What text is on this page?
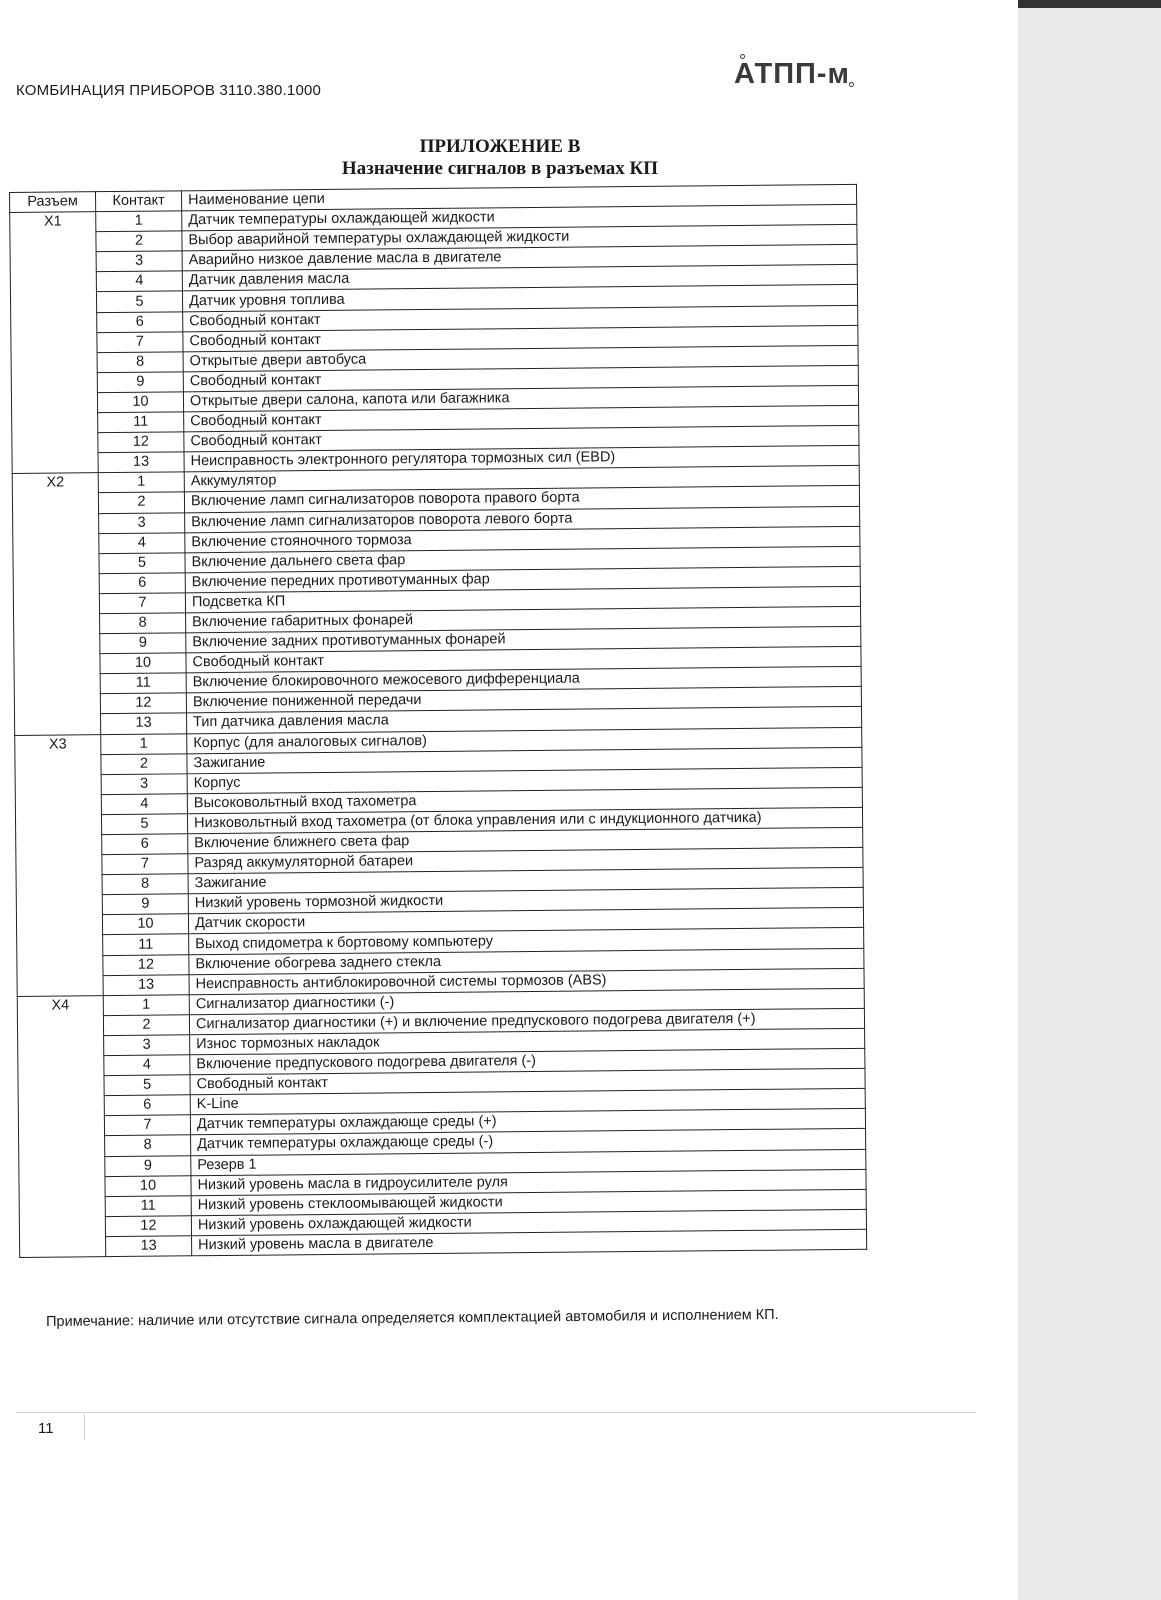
КОМБИНАЦИЯ ПРИБОРОВ 3110.380.1000
АТПП-м
ПРИЛОЖЕНИЕ В
Назначение сигналов в разъемах КП
Разъем	Контакт	Наименование цепи
X1	1	Датчик температуры охлаждающей жидкости
	2	Выбор аварийной температуры охлаждающей жидкости
	3	Аварийно низкое давление масла в двигателе
	4	Датчик давления масла
	5	Датчик уровня топлива
	6	Свободный контакт
	7	Свободный контакт
	8	Открытые двери автобуса
	9	Свободный контакт
	10	Открытые двери салона, капота или багажника
	11	Свободный контакт
	12	Свободный контакт
	13	Неисправность электронного регулятора тормозных сил (EBD)
X2	1	Аккумулятор
	2	Включение ламп сигнализаторов поворота правого борта
	3	Включение ламп сигнализаторов поворота левого борта
	4	Включение стояночного тормоза
	5	Включение дальнего света фар
	6	Включение передних противотуманных фар
	7	Подсветка КП
	8	Включение габаритных фонарей
	9	Включение задних противотуманных фонарей
	10	Свободный контакт
	11	Включение блокировочного межосевого дифференциала
	12	Включение пониженной передачи
	13	Тип датчика давления масла
X3	1	Корпус (для аналоговых сигналов)
	2	Зажигание
	3	Корпус
	4	Высоковольтный вход тахометра
	5	Низковольтный вход тахометра (от блока управления или с индукционного датчика)
	6	Включение ближнего света фар
	7	Разряд аккумуляторной батареи
	8	Зажигание
	9	Низкий уровень тормозной жидкости
	10	Датчик скорости
	11	Выход спидометра к бортовому компьютеру
	12	Включение обогрева заднего стекла
	13	Неисправность антиблокировочной системы тормозов (ABS)
X4	1	Сигнализатор диагностики (-)
	2	Сигнализатор диагностики (+) и включение предпускового подогрева двигателя (+)
	3	Износ тормозных накладок
	4	Включение предпускового подогрева двигателя (-)
	5	Свободный контакт
	6	K-Line
	7	Датчик температуры охлаждающе среды (+)
	8	Датчик температуры охлаждающе среды (-)
	9	Резерв 1
	10	Низкий уровень масла в гидроусилителе руля
	11	Низкий уровень стеклоомывающей жидкости
	12	Низкий уровень охлаждающей жидкости
	13	Низкий уровень масла в двигателе
Примечание: наличие или отсутствие сигнала определяется комплектацией автомобиля и исполнением КП.
11
